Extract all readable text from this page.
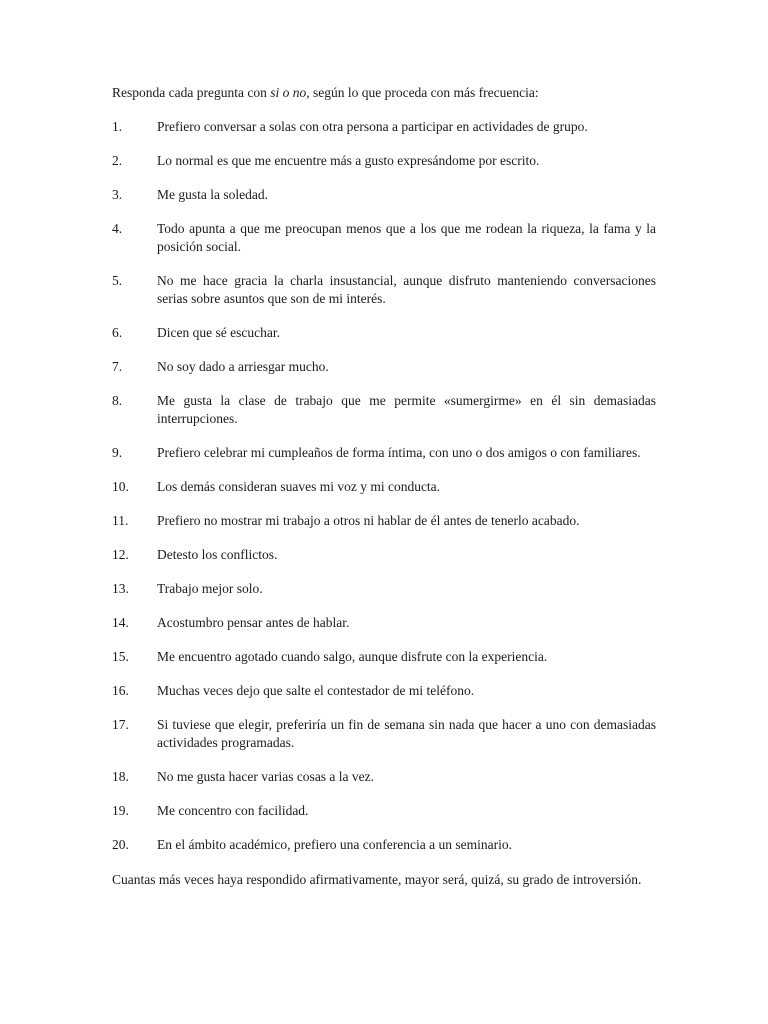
Responda cada pregunta con si o no, según lo que proceda con más frecuencia:

1.	Prefiero conversar a solas con otra persona a participar en actividades de grupo.
2.	Lo normal es que me encuentre más a gusto expresándome por escrito.
3.	Me gusta la soledad.
4.	Todo apunta a que me preocupan menos que a los que me rodean la riqueza, la fama y la posición social.
5.	No me hace gracia la charla insustancial, aunque disfruto manteniendo conversaciones serias sobre asuntos que son de mi interés.
6.	Dicen que sé escuchar.
7.	No soy dado a arriesgar mucho.
8.	Me gusta la clase de trabajo que me permite «sumergirme» en él sin demasiadas interrupciones.
9.	Prefiero celebrar mi cumpleaños de forma íntima, con uno o dos amigos o con familiares.
10.	Los demás consideran suaves mi voz y mi conducta.
11.	Prefiero no mostrar mi trabajo a otros ni hablar de él antes de tenerlo acabado.
12.	Detesto los conflictos.
13.	Trabajo mejor solo.
14.	Acostumbro pensar antes de hablar.
15.	Me encuentro agotado cuando salgo, aunque disfrute con la experiencia.
16.	Muchas veces dejo que salte el contestador de mi teléfono.
17.	Si tuviese que elegir, preferiría un fin de semana sin nada que hacer a uno con demasiadas actividades programadas.
18.	No me gusta hacer varias cosas a la vez.
19.	Me concentro con facilidad.
20.	En el ámbito académico, prefiero una conferencia a un seminario.

Cuantas más veces haya respondido afirmativamente, mayor será, quizá, su grado de introversión.
